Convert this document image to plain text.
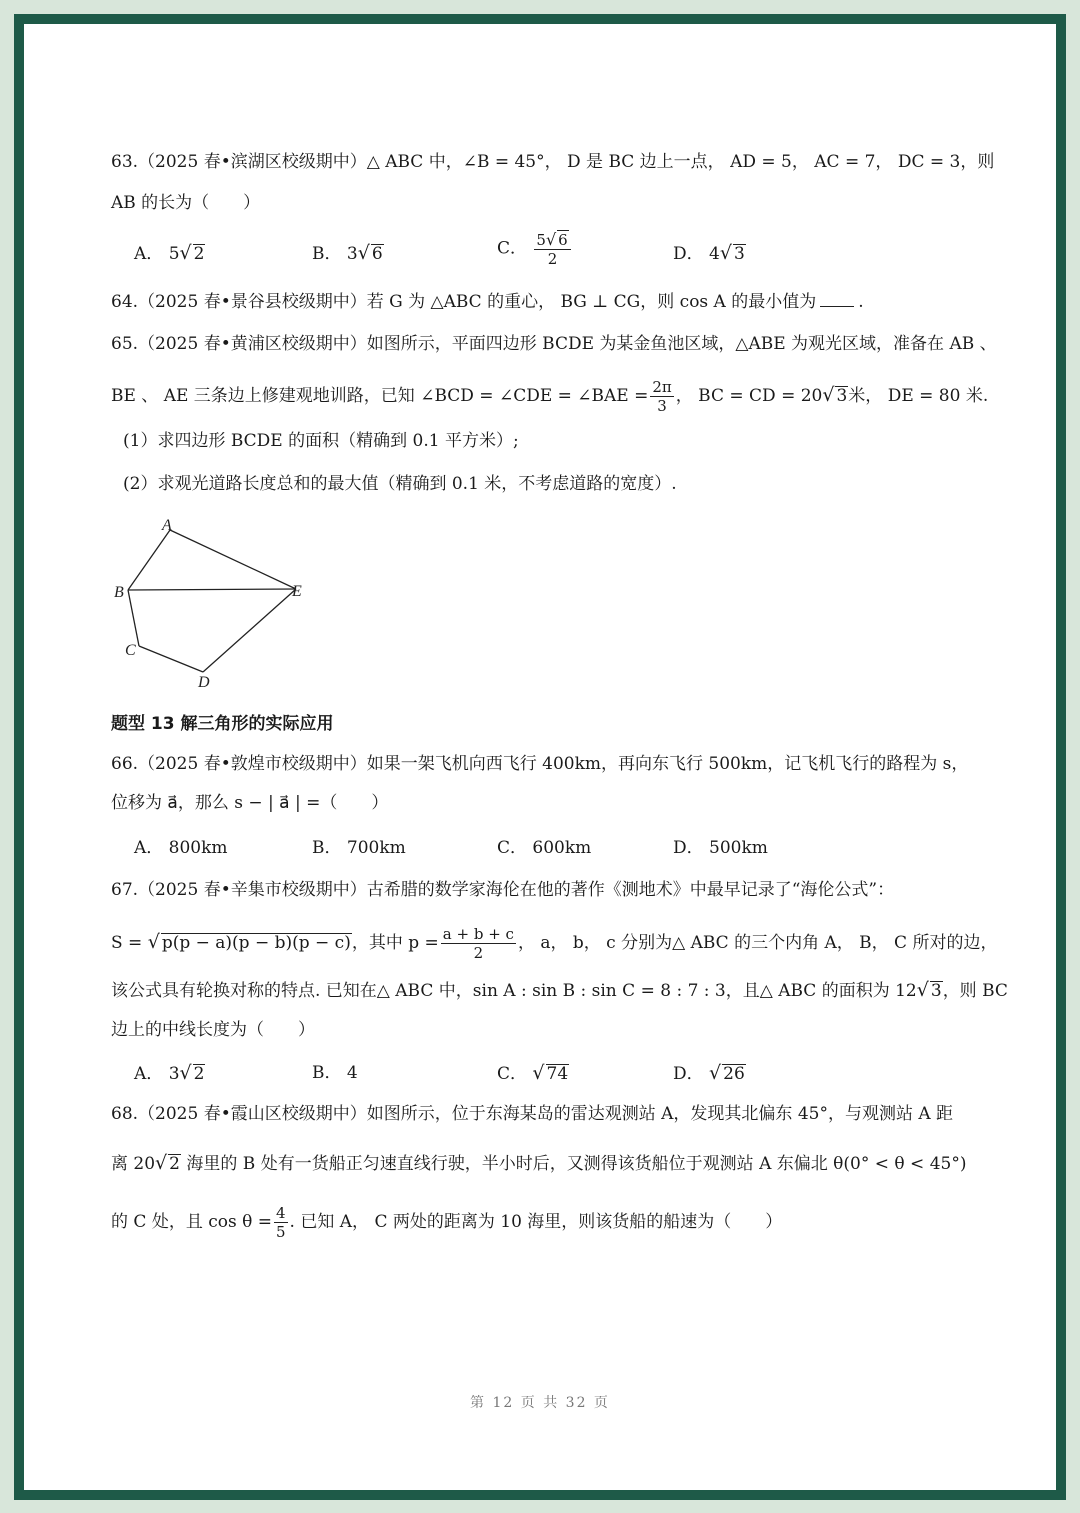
63.（2025 春•滨湖区校级期中）△ ABC 中，∠B = 45°， D 是 BC 边上一点， AD = 5， AC = 7， DC = 3，则
AB 的长为（　　）
A． 5√ 2	B． 3√ 6	C． $\frac{5√ 6}{2}$	D． 4√ 3
64.（2025 春•景谷县校级期中）若 G 为 △ABC 的重心， BG ⊥ CG，则 cos A 的最小值为 .
65.（2025 春•黄浦区校级期中）如图所示，平面四边形 BCDE 为某金鱼池区域，△ABE 为观光区域，准备在 AB 、
BE 、 AE 三条边上修建观地训路，已知 ∠BCD = ∠CDE = ∠BAE = $\frac{2\pi}{3}$ ， BC = CD = 20√ 3米， DE = 80 米.
(1）求四边形 BCDE 的面积（精确到 0.1 平方米）;
(2）求观光道路长度总和的最大值（精确到 0.1 米，不考虑道路的宽度）.
A
B
C
D
E
题型 13 解三角形的实际应用
66.（2025 春•敦煌市校级期中）如果一架飞机向西飞行 400km，再向东飞行 500km，记飞机飞行的路程为 s，
位移为 a⃗，那么 s − | a⃗ | =（　　）
A． 800km	B． 700km	C． 600km	D． 500km
67.（2025 春•辛集市校级期中）古希腊的数学家海伦在他的著作《测地术》中最早记录了“海伦公式”：
S = √ p(p − a)(p − b)(p − c)，其中 $p = \frac{a + b + c}{2}$ ， a， b， c 分别为△ ABC 的三个内角 A， B， C 所对的边，
该公式具有轮换对称的特点. 已知在△ ABC 中，sin A : sin B : sin C = 8 : 7 : 3，且△ ABC 的面积为 12√ 3，则 BC
边上的中线长度为（　　）
A． 3√ 2	B． 4	C． √ 74	D． √ 26
68.（2025 春•霞山区校级期中）如图所示，位于东海某岛的雷达观测站 A，发现其北偏东 45°，与观测站 A 距
离 20√ 2 海里的 B 处有一货船正匀速直线行驶，半小时后，又测得该货船位于观测站 A 东偏北 θ(0° < θ < 45°)
的 C 处，且 $\cos \theta = \frac{4}{5}$ . 已知 A， C 两处的距离为 10 海里，则该货船的船速为（　　）
第 12 页 共 32 页
